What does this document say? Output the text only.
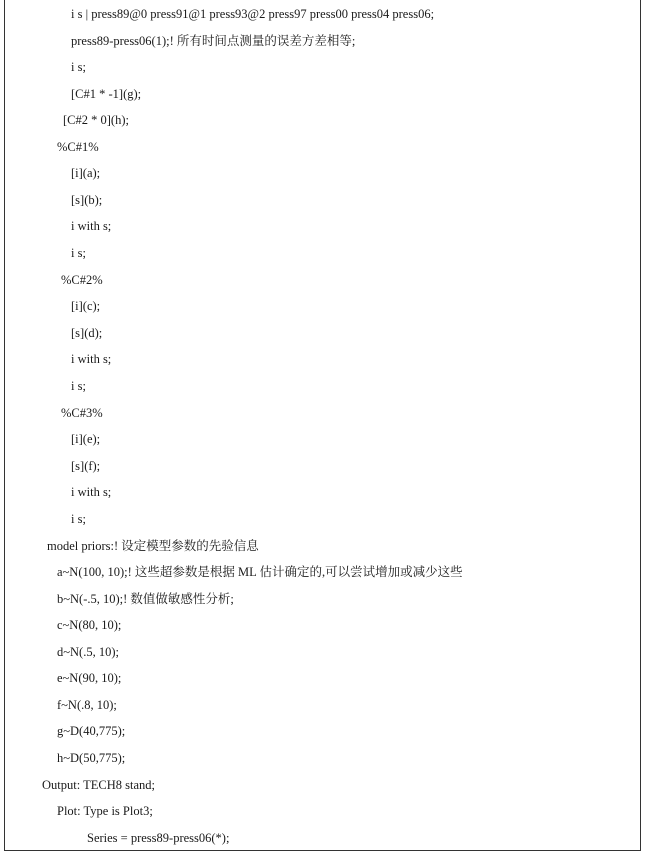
i s | press89@0 press91@1 press93@2 press97 press00 press04 press06;
press89-press06(1);! 所有时间点测量的误差方差相等;
i s;
[C#1 * -1](g);
[C#2 * 0](h);
%C#1%
[i](a);
[s](b);
i with s;
i s;
%C#2%
[i](c);
[s](d);
i with s;
i s;
%C#3%
[i](e);
[s](f);
i with s;
i s;
model priors:! 设定模型参数的先验信息
a~N(100, 10);! 这些超参数是根据 ML 估计确定的,可以尝试增加或减少这些
b~N(-.5, 10);! 数值做敏感性分析;
c~N(80, 10);
d~N(.5, 10);
e~N(90, 10);
f~N(.8, 10);
g~D(40,775);
h~D(50,775);
Output: TECH8 stand;
Plot: Type is Plot3;
Series = press89-press06(*);
